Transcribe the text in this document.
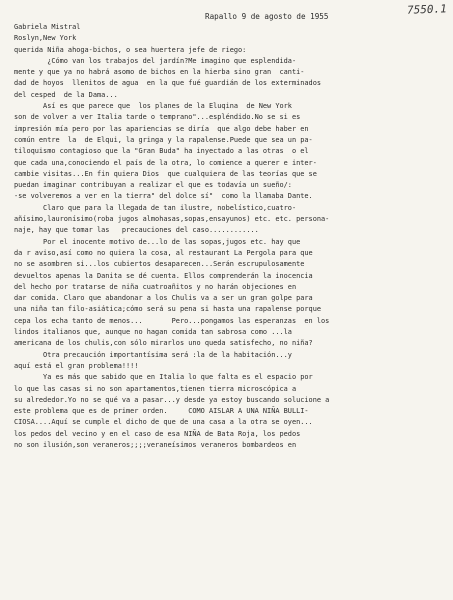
7550.1
Rapallo 9 de agosto de 1955
Gabriela Mistral
Roslyn,New York
querida Niña ahoga-bichos, o sea huertera jefe de riego:
¿Cómo van los trabajos del jardín?Me imagino que esplendida-
mente y que ya no habrá asomo de bichos en la hierba sino gran  canti-
dad de hoyos  llenitos de agua  en la que fué guardián de los exterminados
del cesped  de la Dama...
Así es que parece que  los planes de la Eluqina  de New York
son de volver a ver Italia tarde o temprano"...espléndido.No se si es
impresión mía pero por las apariencias se diría  que algo debe haber en
común entre  la  de Elqui, la gringa y la rapalense.Puede que sea un pa-
tiloquismo contagioso que la "Gran Buda" ha inyectado a las otras  o el
que cada una,conociendo el país de la otra, lo comience a querer e inter-
cambie visitas...En fin quiera Dios  que cualquiera de las teorías que se
puedan imaginar contribuyan a realizar el que es todavía un sueño/:
-se volveremos a ver en la tierra" del dolce sí"  como la llamaba Dante.
Claro que para la llegada de tan ilustre, nobelístico,cuatro-
añísimo,lauronísimo(roba jugos almohasas,sopas,ensayunos) etc. etc. persona-
naje, hay que tomar las   precauciones del caso............
Por el inocente motivo de...lo de las sopas,jugos etc. hay que
da r aviso,así como no quiera la cosa, al restaurant La Pergola para que
no se asombren si...los cubiertos desaparecen...Serán escrupulosamente
devueltos apenas la Danita se dé cuenta. Ellos comprenderán la inocencia
del hecho por tratarse de niña cuatroañitos y no harán objeciones en
dar comida. Claro que abandonar a los Chulis va a ser un gran golpe para
una niña tan filo-asiática;cómo será su pena si hasta una rapalense porque
cepa los echa tanto de menos...       Pero...pongamos las esperanzas  en los
lindos italianos que, aunque no hagan comida tan sabrosa como ...la
americana de los chulis,con sólo mirarlos uno queda satisfecho, no niña?
Otra precaución importantísima será :la de la habitación...y
aquí está el gran problema!!!!
Ya es más que sabido que en Italia lo que falta es el espacio por
lo que las casas si no son apartamentos,tienen tierra microscópica a
su alrededor.Yo no se qué va a pasar...y desde ya estoy buscando solucione a
este problema que es de primer orden.     COMO AISLAR A UNA NIÑA BULLI-
CIOSA....Aquí se cumple el dicho de que de una casa a la otra se oyen...
los pedos del vecino y en el caso de esa NIÑA de Bata Roja, los pedos
no son ilusión,son veraneros;;;;veraneísimos veraneros bombardeos en
